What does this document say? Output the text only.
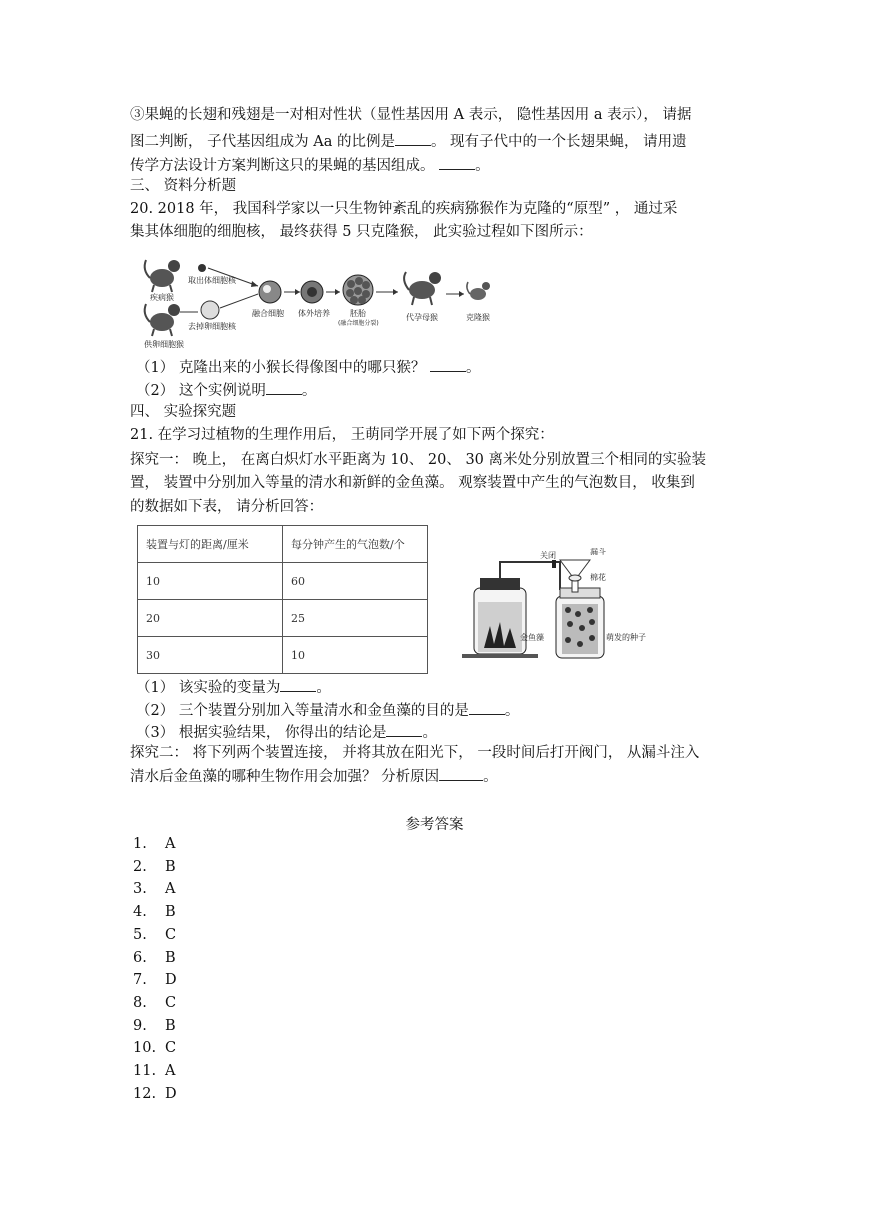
③果蝇的长翅和残翅是一对相对性状（显性基因用 A 表示， 隐性基因用 a 表示）， 请据
图二判断， 子代基因组成为 Aa 的比例是 。 现有子代中的一个长翅果蝇， 请用遗
传学方法设计方案判断这只的果蝇的基因组成。	。
三、 资料分析题
20. 2018 年， 我国科学家以一只生物钟紊乱的疾病猕猴作为克隆的“原型” ， 通过采
集其体细胞的细胞核， 最终获得 5 只克隆猴， 此实验过程如下图所示：
疾病猴
供卵细胞猴
取出体细胞核
去掉卵细胞核
融合细胞 体外培养	胚胎
(融合细胞分裂)
代孕母猴	克隆猴
（1） 克隆出来的小猴长得像图中的哪只猴？	。
（2） 这个实例说明 。
四、 实验探究题
21. 在学习过植物的生理作用后， 王萌同学开展了如下两个探究：
探究一： 晚上， 在离白炽灯水平距离为 10、 20、 30 离米处分别放置三个相同的实验装
置， 装置中分别加入等量的清水和新鲜的金鱼藻。 观察装置中产生的气泡数目， 收集到
的数据如下表， 请分析回答：
装置与灯的距离/厘米	每分钟产生的气泡数/个
10	60
20	25
30	10
关闭	漏斗
棉花
金鱼藻	萌发的种子
（1） 该实验的变量为 。
（2） 三个装置分别加入等量清水和金鱼藻的目的是 。
（3） 根据实验结果， 你得出的结论是 。
探究二： 将下列两个装置连接， 并将其放在阳光下， 一段时间后打开阀门， 从漏斗注入
清水后金鱼藻的哪种生物作用会加强？ 分析原因	。
参考答案
1. A
2. B
3. A
4. B
5. C
6. B
7. D
8. C
9. B
10. C
11. A
12. D
